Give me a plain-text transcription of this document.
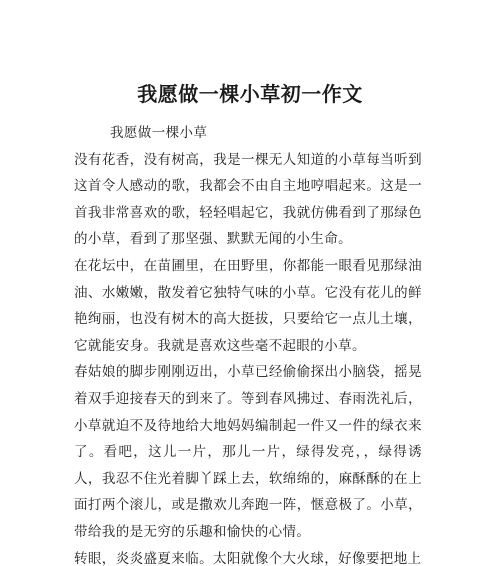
我愿做一棵小草初一作文

我愿做一棵小草

没有花香，没有树高，我是一棵无人知道的小草每当听到这首令人感动的歌，我都会不由自主地哼唱起来。这是一首我非常喜欢的歌，轻轻唱起它，我就仿佛看到了那绿色的小草，看到了那坚强、默默无闻的小生命。

在花坛中，在苗圃里，在田野里，你都能一眼看见那绿油油、水嫩嫩，散发着它独特气味的小草。它没有花儿的鲜艳绚丽，也没有树木的高大挺拔，只要给它一点儿土壤，它就能安身。我就是喜欢这些毫不起眼的小草。

春姑娘的脚步刚刚迈出，小草已经偷偷探出小脑袋，摇晃着双手迎接春天的到来了。等到春风拂过、春雨洗礼后，小草就迫不及待地给大地妈妈编制起一件又一件的绿衣来了。看吧，这儿一片，那儿一片，绿得发亮，，绿得诱人，我忍不住光着脚丫踩上去，软绵绵的，麻酥酥的在上面打两个滚儿，或是撒欢儿奔跑一阵，惬意极了。小草，带给我的是无穷的乐趣和愉快的心情。

转眼，炎炎盛夏来临。太阳就像个大火球，好像要把地上
